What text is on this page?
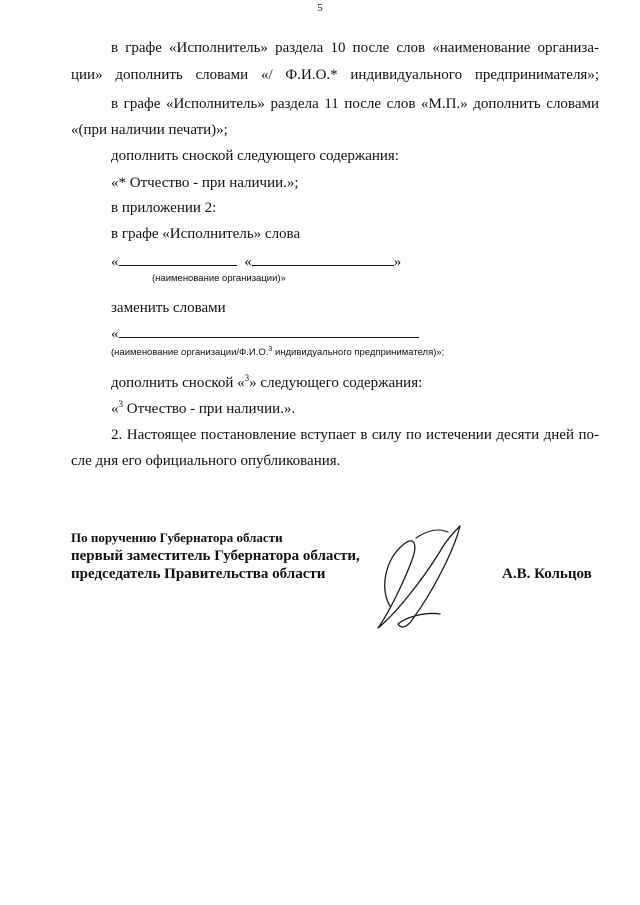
5
в графе «Исполнитель» раздела 10 после слов «наименование организа-
ции» дополнить словами «/ Ф.И.О.* индивидуального предпринимателя»;
в графе «Исполнитель» раздела 11 после слов «М.П.» дополнить словами
«(при наличии печати)»;
дополнить сноской следующего содержания:
«* Отчество - при наличии.»;
в приложении 2:
в графе «Исполнитель» слова
«	«	»
(наименование организации)»
заменить словами
«
(наименование организации/Ф.И.О.$^3$ индивидуального предпринимателя)»;
дополнить сноской «$^3$» следующего содержания:
«$^3$ Отчество - при наличии.».
2. Настоящее постановление вступает в силу по истечении десяти дней по-
сле дня его официального опубликования.
По поручению Губернатора области
первый заместитель Губернатора области,
председатель Правительства области	А.В. Кольцов
